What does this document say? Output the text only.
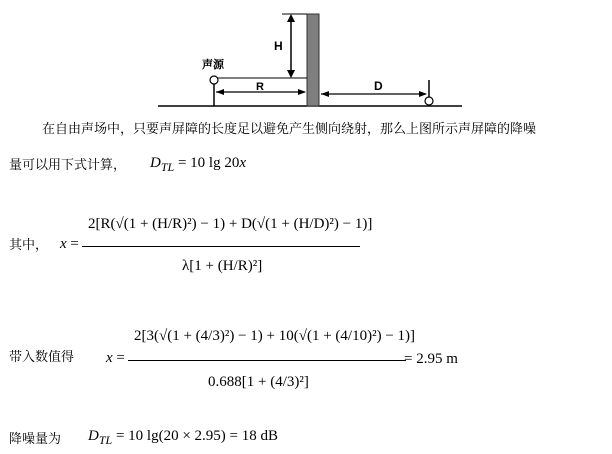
H
声源
R	D
在自由声场中，只要声屏障的长度足以避免产生侧向绕射，那么上图所示声屏障的降噪
量可以用下式计算， $D_{TL} = 10$ lg 20x
其中， x =
2[R(√(1 + (H/R)²) − 1) + D(√(1 + (H/D)²) − 1)]
λ[1 + (H/R)²]
带入数值得 x =
2[3(√(1 + (4/3)²) − 1) + 10(√(1 + (4/10)²) − 1)]
0.688[1 + (4/3)²]
= 2.95 m
降噪量为 $D_{TL} = 10$ lg(20 × 2.95) = 18 dB
